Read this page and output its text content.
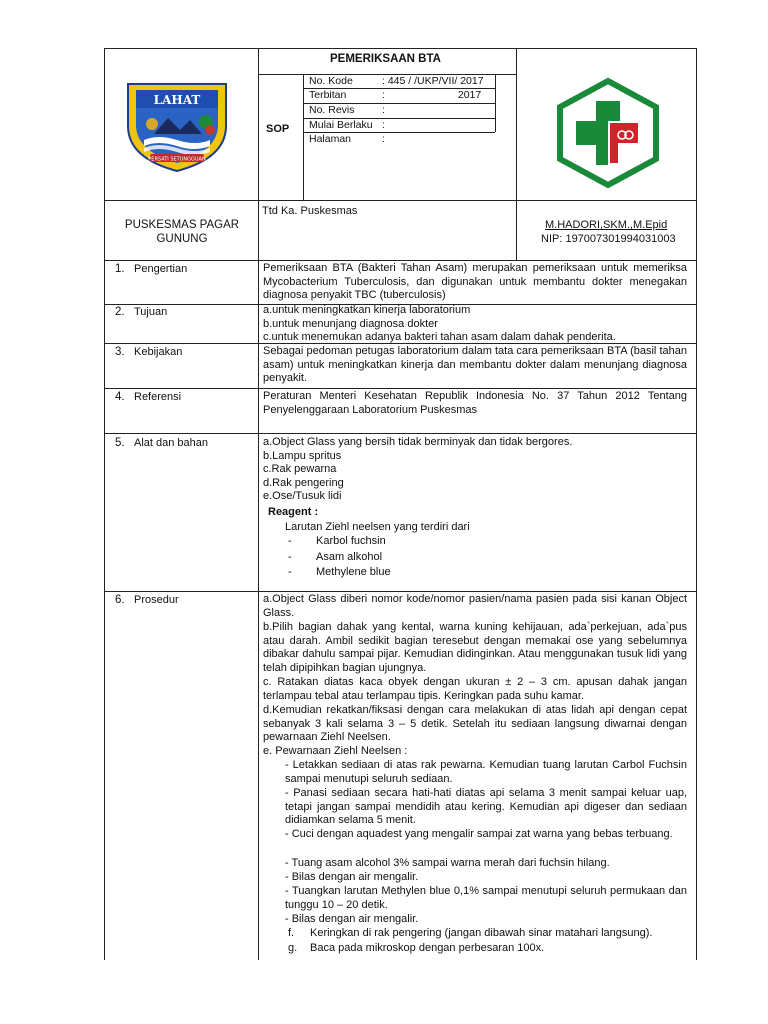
PEMERIKSAAN BTA
SOP
No. Kode	: 445 / /UKP/VII/ 2017
Terbitan	:                         2017
No. Revis	:
Mulai Berlaku :
Halaman	:
LAHAT
PERSATI SETUNGGUAN
PUSKESMAS PAGAR GUNUNG
Ttd Ka. Puskesmas
M.HADORI,SKM.,M.Epid
NIP: 197007301994031003
1. Pengertian	Pemeriksaan BTA (Bakteri Tahan Asam) merupakan pemeriksaan untuk memeriksa Mycobacterium Tuberculosis, dan digunakan untuk membantu dokter menegakan diagnosa penyakit TBC (tuberculosis)
2. Tujuan	a.untuk meningkatkan kinerja laboratorium
b.untuk menunjang diagnosa dokter
c.untuk menemukan adanya bakteri tahan asam dalam dahak penderita.
3. Kebijakan	Sebagai pedoman petugas laboratorium dalam tata cara pemeriksaan BTA (basil tahan asam) untuk meningkatkan kinerja dan membantu dokter dalam menunjang diagnosa penyakit.
4. Referensi	Peraturan Menteri Kesehatan Republik Indonesia No. 37 Tahun 2012 Tentang Penyelenggaraan Laboratorium Puskesmas
5. Alat dan bahan	a.Object Glass yang bersih tidak berminyak dan tidak bergores.
b.Lampu spritus
c.Rak pewarna
d.Rak pengering
e.Ose/Tusuk lidi
Reagent :
Larutan Ziehl neelsen yang terdiri dari
- Karbol fuchsin
- Asam alkohol
- Methylene blue
6. Prosedur	a.Object Glass diberi nomor kode/nomor pasien/nama pasien pada sisi kanan Object Glass.
b.Pilih bagian dahak yang kental, warna kuning kehijauan, ada`perkejuan, ada`pus atau darah. Ambil sedikit bagian teresebut dengan memakai ose yang sebelumnya dibakar dahulu sampai pijar. Kemudian didinginkan. Atau menggunakan tusuk lidi yang telah dipipihkan bagian ujungnya.
c. Ratakan diatas kaca obyek dengan ukuran ± 2 – 3 cm. apusan dahak jangan terlampau tebal atau terlampau tipis. Keringkan pada suhu kamar.
d.Kemudian rekatkan/fiksasi dengan cara melakukan di atas lidah api dengan cepat sebanyak 3 kali selama 3 – 5 detik. Setelah itu sediaan langsung diwarnai dengan pewarnaan Ziehl Neelsen.
e. Pewarnaan Ziehl Neelsen :
- Letakkan sediaan di atas rak pewarna. Kemudian tuang larutan Carbol Fuchsin sampai menutupi seluruh sediaan.
- Panasi sediaan secara hati-hati diatas api selama 3 menit sampai keluar uap, tetapi jangan sampai mendidih atau kering. Kemudian api digeser dan sediaan didiamkan selama 5 menit.
- Cuci dengan aquadest yang mengalir sampai zat warna yang bebas terbuang.
- Tuang asam alcohol 3% sampai warna merah dari fuchsin hilang.
- Bilas dengan air mengalir.
- Tuangkan larutan Methylen blue 0,1% sampai menutupi seluruh permukaan dan tunggu 10 – 20 detik.
- Bilas dengan air mengalir.
f. Keringkan di rak pengering (jangan dibawah sinar matahari langsung).
g. Baca pada mikroskop dengan perbesaran 100x.
